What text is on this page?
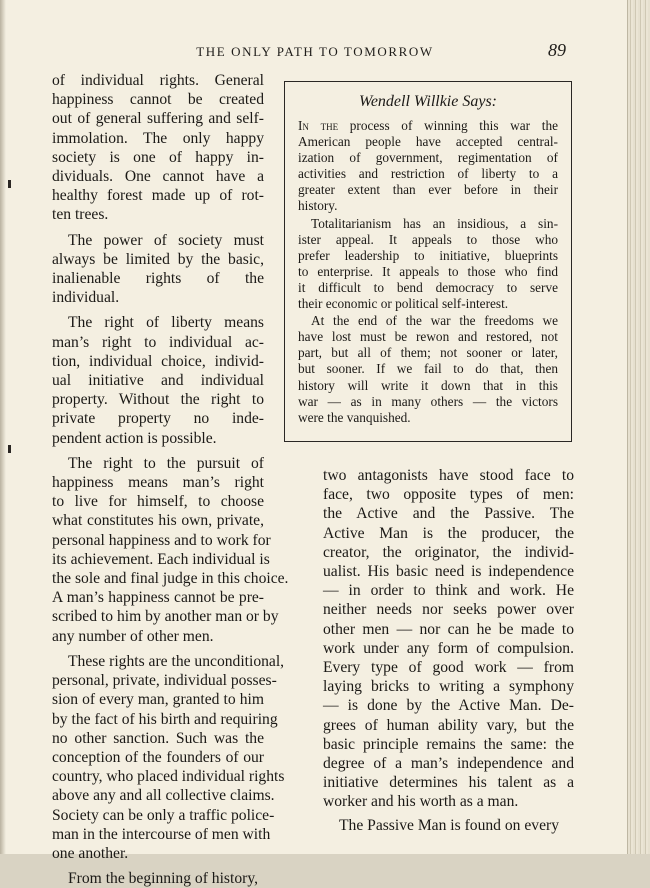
THE ONLY PATH TO TOMORROW	89

of individual rights. General
happiness cannot be created
out of general suffering and self-
immolation. The only happy
society is one of happy in-
dividuals. One cannot have a
healthy forest made up of rot-
ten trees.

The power of society must
always be limited by the basic,
inalienable rights of the
individual.

The right of liberty means
man’s right to individual ac-
tion, individual choice, individ-
ual initiative and individual
property. Without the right to
private property no inde-
pendent action is possible.

The right to the pursuit of
happiness means man’s right
to live for himself, to choose
what constitutes his own, private,
personal happiness and to work for
its achievement. Each individual is
the sole and final judge in this choice.
A man’s happiness cannot be pre-
scribed to him by another man or by
any number of other men.

These rights are the unconditional,
personal, private, individual posses-
sion of every man, granted to him
by the fact of his birth and requiring
no other sanction. Such was the
conception of the founders of our
country, who placed individual rights
above any and all collective claims.
Society can be only a traffic police-
man in the intercourse of men with
one another.

From the beginning of history,

Wendell Willkie Says:

In the process of winning this war the
American people have accepted central-
ization of government, regimentation of
activities and restriction of liberty to a
greater extent than ever before in their
history.

Totalitarianism has an insidious, a sin-
ister appeal. It appeals to those who
prefer leadership to initiative, blueprints
to enterprise. It appeals to those who find
it difficult to bend democracy to serve
their economic or political self-interest.

At the end of the war the freedoms we
have lost must be rewon and restored, not
part, but all of them; not sooner or later,
but sooner. If we fail to do that, then
history will write it down that in this
war — as in many others — the victors
were the vanquished.

two antagonists have stood face to
face, two opposite types of men:
the Active and the Passive. The
Active Man is the producer, the
creator, the originator, the individ-
ualist. His basic need is independence
— in order to think and work. He
neither needs nor seeks power over
other men — nor can he be made to
work under any form of compulsion.
Every type of good work — from
laying bricks to writing a symphony
— is done by the Active Man. De-
grees of human ability vary, but the
basic principle remains the same: the
degree of a man’s independence and
initiative determines his talent as a
worker and his worth as a man.

The Passive Man is found on every
